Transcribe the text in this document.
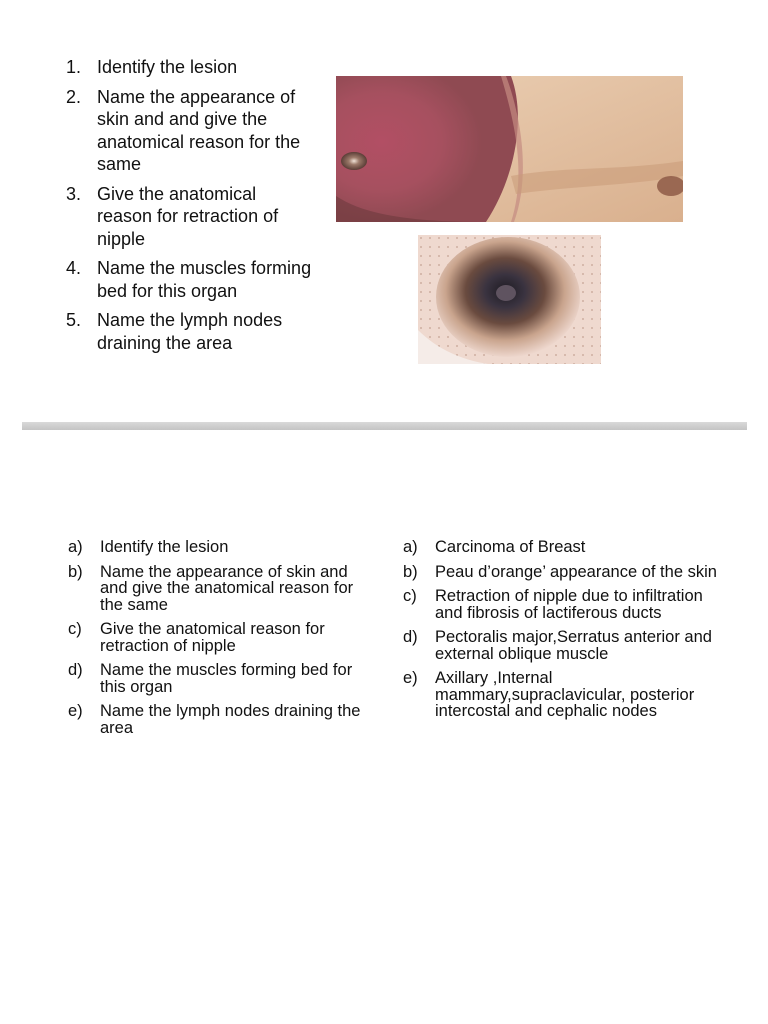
1. Identify the lesion
2. Name the appearance of skin and and give the anatomical reason for the same
3. Give the anatomical reason for retraction of nipple
4. Name the muscles forming bed for this organ
5. Name the lymph nodes draining the area
a)	Identify the lesion
b)	Name the appearance of skin and and give the anatomical reason for the same
c)	Give the anatomical reason for retraction of nipple
d)	Name the muscles forming bed for this organ
e)	Name the lymph nodes draining the area
a)	Carcinoma of Breast
b)	Peau d’orange’ appearance of the skin
c)	Retraction of nipple due to infiltration and fibrosis of lactiferous ducts
d)	Pectoralis major,Serratus anterior and external oblique muscle
e)	Axillary ,Internal mammary,supraclavicular, posterior intercostal and cephalic nodes
